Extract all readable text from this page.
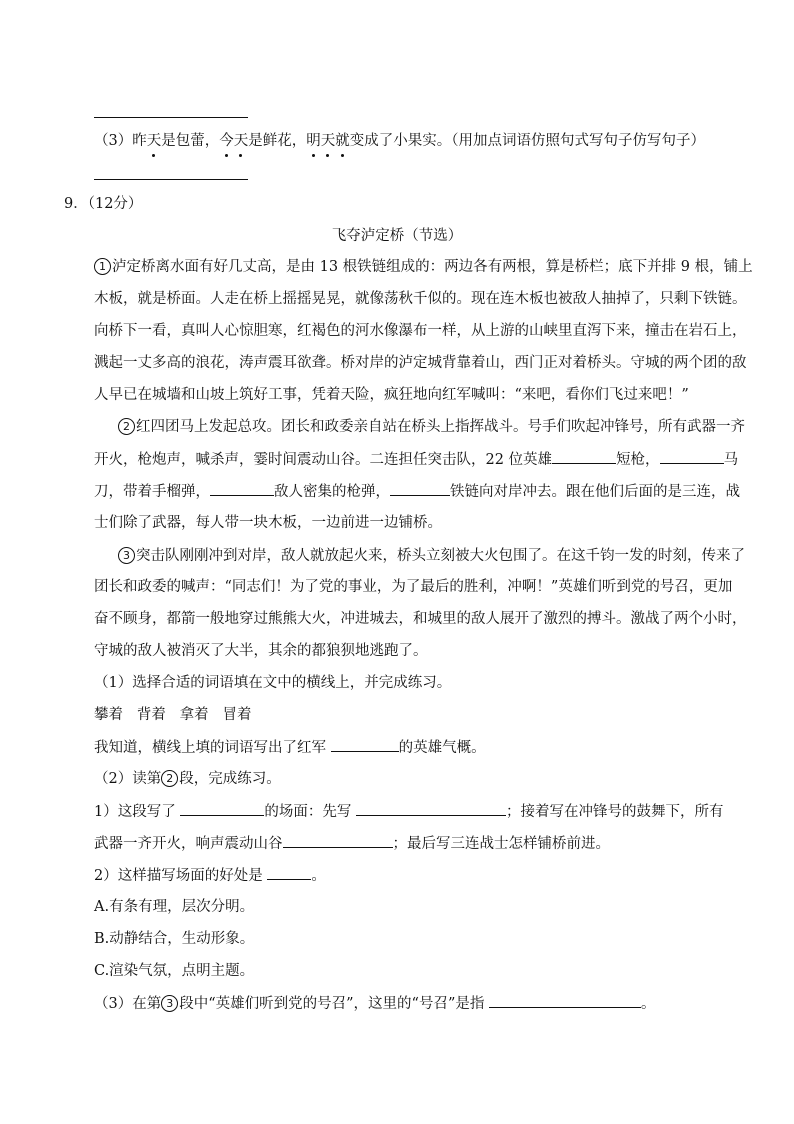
（3）昨天是包蕾，今天是鲜花，明天就变成了小果实。（用加点词语仿照句式写句子仿写句子）
9．（12分）
飞夺泸定桥（节选）
1 泸定桥离水面有好几丈高，是由 13 根铁链组成的：两边各有两根，算是桥栏；底下并排 9 根，铺上
木板，就是桥面。人走在桥上摇摇晃晃，就像荡秋千似的。现在连木板也被敌人抽掉了，只剩下铁链。
向桥下一看，真叫人心惊胆寒，红褐色的河水像瀑布一样，从上游的山峡里直泻下来，撞击在岩石上，
溅起一丈多高的浪花，涛声震耳欲聋。桥对岸的泸定城背靠着山，西门正对着桥头。守城的两个团的敌
人早已在城墙和山坡上筑好工事，凭着天险，疯狂地向红军喊叫：“来吧，看你们飞过来吧！”
2 红四团马上发起总攻。团长和政委亲自站在桥头上指挥战斗。号手们吹起冲锋号，所有武器一齐
开火，枪炮声，喊杀声，霎时间震动山谷。二连担任突击队，22 位英雄	短枪，	马
刀，带着手榴弹，	敌人密集的枪弹，	铁链向对岸冲去。跟在他们后面的是三连，战
士们除了武器，每人带一块木板，一边前进一边铺桥。
3 突击队刚刚冲到对岸，敌人就放起火来，桥头立刻被大火包围了。在这千钧一发的时刻，传来了
团长和政委的喊声：“同志们！为了党的事业，为了最后的胜利，冲啊！”英雄们听到党的号召，更加
奋不顾身，都箭一般地穿过熊熊大火，冲进城去，和城里的敌人展开了激烈的搏斗。激战了两个小时，
守城的敌人被消灭了大半，其余的都狼狈地逃跑了。
（1）选择合适的词语填在文中的横线上，并完成练习。
攀着 背着 拿着 冒着
我知道，横线上填的词语写出了红军	的英雄气概。
（2）读第 2 段，完成练习。
1）这段写了	的场面：先写	；接着写在冲锋号的鼓舞下，所有
武器一齐开火，响声震动山谷	；最后写三连战士怎样铺桥前进。
2）这样描写场面的好处是	。
A.有条有理，层次分明。
B.动静结合，生动形象。
C.渲染气氛，点明主题。
（3）在第 3 段中“英雄们听到党的号召”，这里的“号召”是指	。
